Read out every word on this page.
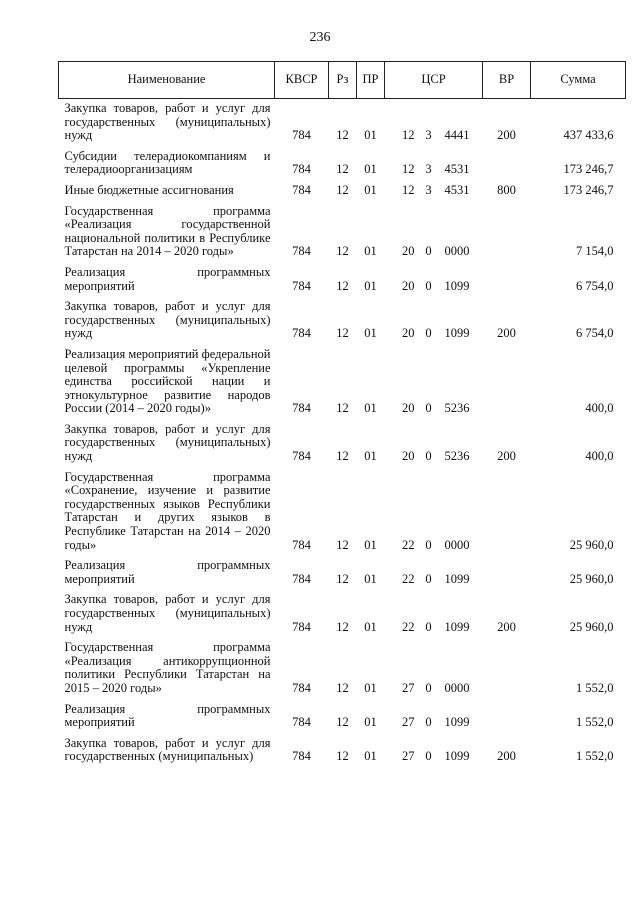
236
Наименование	КВСР	Рз	ПР	ЦСР			ВР	Сумма
Закупка товаров, работ и услуг для государственных (муниципальных) нужд	784	12	01	12	3	4441	200	437 433,6
Субсидии телерадиокомпаниям и телерадиоорганизациям	784	12	01	12	3	4531		173 246,7
Иные бюджетные ассигнования	784	12	01	12	3	4531	800	173 246,7
Государственная программа «Реализация государственной национальной политики в Республике Татарстан на 2014 – 2020 годы»	784	12	01	20	0	0000		7 154,0
Реализация программных мероприятий	784	12	01	20	0	1099		6 754,0
Закупка товаров, работ и услуг для государственных (муниципальных) нужд	784	12	01	20	0	1099	200	6 754,0
Реализация мероприятий федеральной целевой программы «Укрепление единства российской нации и этнокультурное развитие народов России (2014 – 2020 годы)»	784	12	01	20	0	5236		400,0
Закупка товаров, работ и услуг для государственных (муниципальных) нужд	784	12	01	20	0	5236	200	400,0
Государственная программа «Сохранение, изучение и развитие государственных языков Республики Татарстан и других языков в Республике Татарстан на 2014 – 2020 годы»	784	12	01	22	0	0000		25 960,0
Реализация программных мероприятий	784	12	01	22	0	1099		25 960,0
Закупка товаров, работ и услуг для государственных (муниципальных) нужд	784	12	01	22	0	1099	200	25 960,0
Государственная программа «Реализация антикоррупционной политики Республики Татарстан на 2015 – 2020 годы»	784	12	01	27	0	0000		1 552,0
Реализация программных мероприятий	784	12	01	27	0	1099		1 552,0
Закупка товаров, работ и услуг для государственных (муниципальных)	784	12	01	27	0	1099	200	1 552,0
